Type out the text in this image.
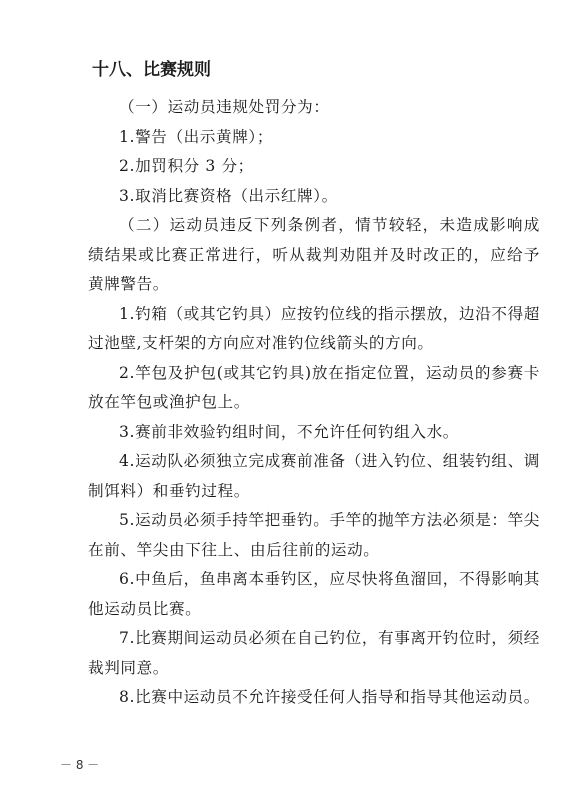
十八、比赛规则

（一）运动员违规处罚分为：

1.警告（出示黄牌）；

2.加罚积分 3 分；

3.取消比赛资格（出示红牌）。

（二）运动员违反下列条例者，情节较轻，未造成影响成绩结果或比赛正常进行，听从裁判劝阻并及时改正的，应给予黄牌警告。

1.钓箱（或其它钓具）应按钓位线的指示摆放，边沿不得超过池壁,支杆架的方向应对准钓位线箭头的方向。

2.竿包及护包(或其它钓具)放在指定位置，运动员的参赛卡放在竿包或渔护包上。

3.赛前非效验钓组时间，不允许任何钓组入水。

4.运动队必须独立完成赛前准备（进入钓位、组装钓组、调制饵料）和垂钓过程。

5.运动员必须手持竿把垂钓。手竿的抛竿方法必须是：竿尖在前、竿尖由下往上、由后往前的运动。

6.中鱼后，鱼串离本垂钓区，应尽快将鱼溜回，不得影响其他运动员比赛。

7.比赛期间运动员必须在自己钓位，有事离开钓位时，须经裁判同意。

8.比赛中运动员不允许接受任何人指导和指导其他运动员。

－ 8 －
